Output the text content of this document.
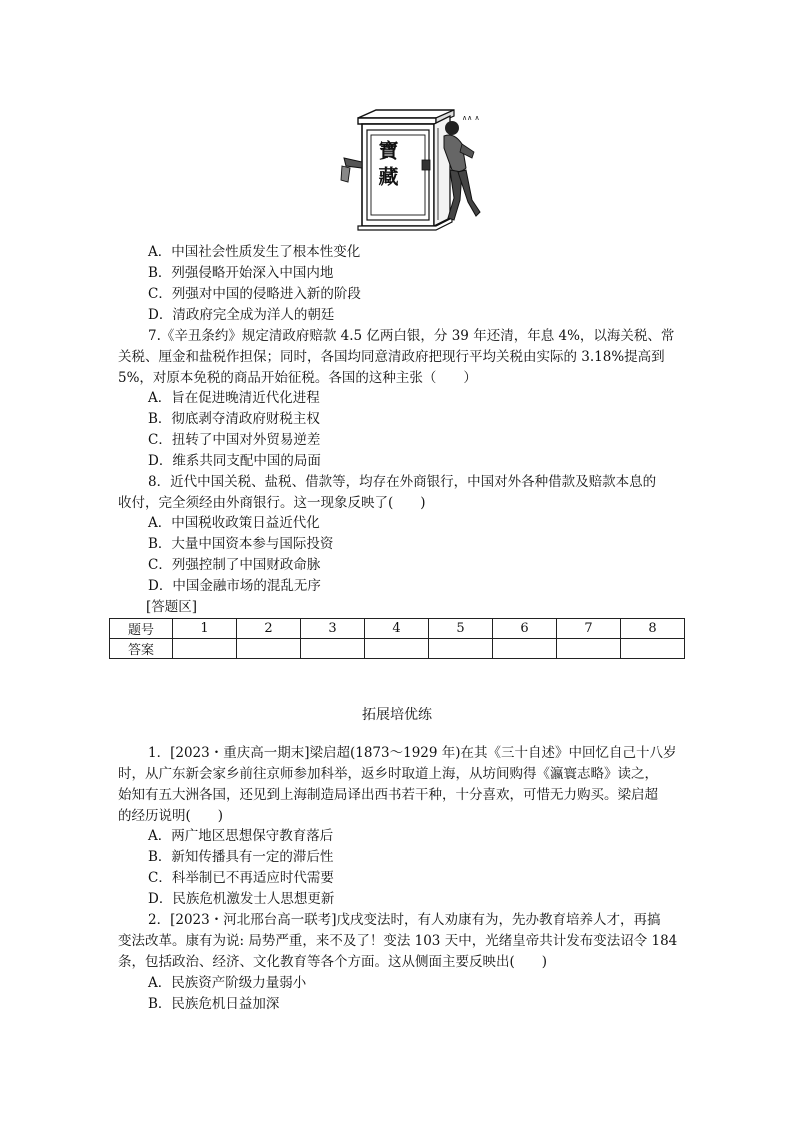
∧∧ ∧
寶藏
A．中国社会性质发生了根本性变化
B．列强侵略开始深入中国内地
C．列强对中国的侵略进入新的阶段
D．清政府完全成为洋人的朝廷
7.《辛丑条约》规定清政府赔款 4.5 亿两白银，分 39 年还清，年息 4%，以海关税、常
关税、厘金和盐税作担保；同时，各国均同意清政府把现行平均关税由实际的 3.18%提高到
5%，对原本免税的商品开始征税。各国的这种主张（　　）
A．旨在促进晚清近代化进程
B．彻底剥夺清政府财税主权
C．扭转了中国对外贸易逆差
D．维系共同支配中国的局面
8．近代中国关税、盐税、借款等，均存在外商银行，中国对外各种借款及赔款本息的
收付，完全须经由外商银行。这一现象反映了(　　)
A．中国税收政策日益近代化
B．大量中国资本参与国际投资
C．列强控制了中国财政命脉
D．中国金融市场的混乱无序
[答题区]
题号	1	2	3	4	5	6	7	8
答案								
拓展培优练
1．[2023・重庆高一期末]梁启超(1873～1929 年)在其《三十自述》中回忆自己十八岁
时，从广东新会家乡前往京师参加科举，返乡时取道上海，从坊间购得《瀛寰志略》读之，
始知有五大洲各国，还见到上海制造局译出西书若干种，十分喜欢，可惜无力购买。梁启超
的经历说明(　　)
A．两广地区思想保守教育落后
B．新知传播具有一定的滞后性
C．科举制已不再适应时代需要
D．民族危机激发士人思想更新
2．[2023・河北邢台高一联考]戊戌变法时，有人劝康有为，先办教育培养人才，再搞
变法改革。康有为说: 局势严重，来不及了！变法 103 天中，光绪皇帝共计发布变法诏令 184
条，包括政治、经济、文化教育等各个方面。这从侧面主要反映出(　　)
A．民族资产阶级力量弱小
B．民族危机日益加深
